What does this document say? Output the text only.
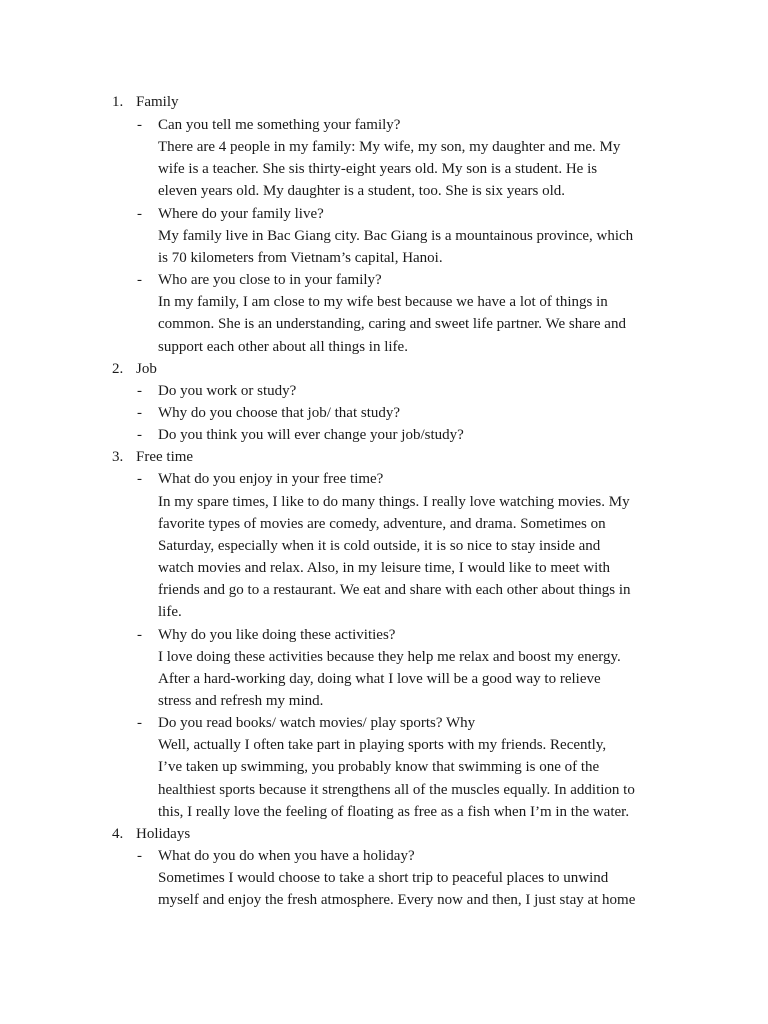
1. Family
- Can you tell me something your family?
There are 4 people in my family: My wife, my son, my daughter and me. My
wife is a teacher. She sis thirty-eight years old. My son is a student. He is
eleven years old. My daughter is a student, too. She is six years old.
- Where do your family live?
My family live in Bac Giang city. Bac Giang is a mountainous province, which
is 70 kilometers from Vietnam’s capital, Hanoi.
- Who are you close to in your family?
In my family, I am close to my wife best because we have a lot of things in
common. She is an understanding, caring and sweet life partner. We share and
support each other about all things in life.
2. Job
- Do you work or study?
- Why do you choose that job/ that study?
- Do you think you will ever change your job/study?
3. Free time
- What do you enjoy in your free time?
In my spare times, I like to do many things. I really love watching movies. My
favorite types of movies are comedy, adventure, and drama. Sometimes on
Saturday, especially when it is cold outside, it is so nice to stay inside and
watch movies and relax. Also, in my leisure time, I would like to meet with
friends and go to a restaurant. We eat and share with each other about things in
life.
- Why do you like doing these activities?
I love doing these activities because they help me relax and boost my energy.
After a hard-working day, doing what I love will be a good way to relieve
stress and refresh my mind.
- Do you read books/ watch movies/ play sports? Why
Well, actually I often take part in playing sports with my friends. Recently,
I’ve taken up swimming, you probably know that swimming is one of the
healthiest sports because it strengthens all of the muscles equally. In addition to
this, I really love the feeling of floating as free as a fish when I’m in the water.
4. Holidays
- What do you do when you have a holiday?
Sometimes I would choose to take a short trip to peaceful places to unwind
myself and enjoy the fresh atmosphere. Every now and then, I just stay at home
